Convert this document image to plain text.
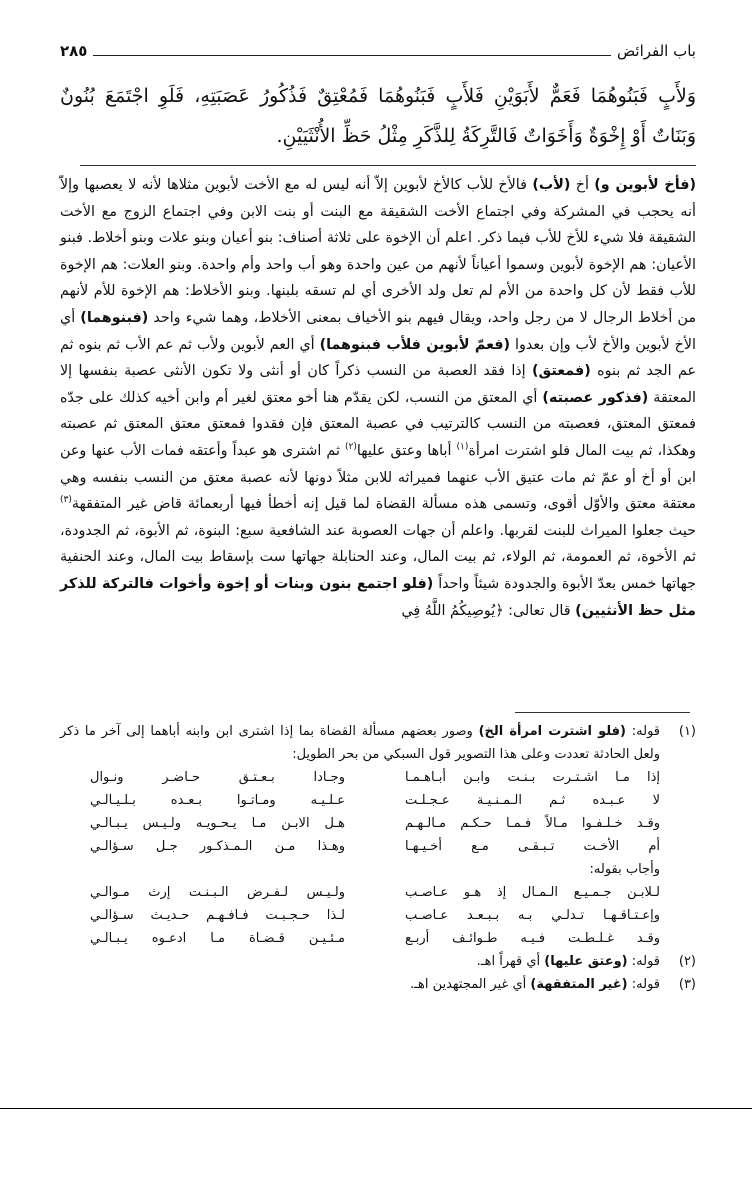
باب الفرائض
٢٨٥
وَلأَبٍ فَبَنُوهُمَا فَعَمٌّ لأَبَوَيْنِ فَلأَبٍ فَبَنُوهُمَا فَمُعْتِقٌ فَذُكُورُ عَصَبَتِهِ، فَلَوِ اجْتَمَعَ بُنُونٌ وَبَنَاتٌ أَوْ إِخْوَةٌ وَأَخَوَاتٌ فَالتَّرِكَةُ لِلذَّكَرِ مِثْلُ حَظِّ الأُنْثَيَيْنِ.
(فأخ لأبوين و) أخ (لأب) فالأخ للأب كالأخ لأبوين إلاّ أنه ليس له مع الأخت لأبوين مثلاها لأنه لا يعصبها وإلاّ أنه يحجب في المشركة وفي اجتماع الأخت الشقيقة مع البنت أو بنت الابن وفي اجتماع الزوج مع الأخت الشقيقة فلا شيء للأخ للأب فيما ذكر. اعلم أن الإخوة على ثلاثة أصناف: بنو أعيان وبنو علات وبنو أخلاط. فبنو الأعيان: هم الإخوة لأبوين وسموا أعياناً لأنهم من عين واحدة وهو أب واحد وأم واحدة. وبنو العلات: هم الإخوة للأب فقط لأن كل واحدة من الأم لم تعل ولد الأخرى أي لم تسقه بلبنها. وبنو الأخلاط: هم الإخوة للأم لأنهم من أخلاط الرجال لا من رجل واحد، ويقال فيهم بنو الأخياف بمعنى الأخلاط، وهما شيء واحد (فبنوهما) أي الأخ لأبوين والأخ لأب وإن بعدوا (فعمّ لأبوين فلأب فبنوهما) أي العم لأبوين ولأب ثم عم الأب ثم بنوه ثم عم الجد ثم بنوه (فمعتق) إذا فقد العصبة من النسب ذكراً كان أو أنثى ولا تكون الأنثى عصبة بنفسها إلا المعتقة (فذكور عصبته) أي المعتق من النسب، لكن يقدّم هنا أخو معتق لغير أم وابن أخيه كذلك على جدّه فمعتق المعتق، فعصبته من النسب كالترتيب في عصبة المعتق فإن فقدوا فمعتق معتق المعتق ثم عصبته وهكذا، ثم بيت المال فلو اشترت امرأة$^{(١)}$ أباها وعتق عليها$^{(٢)}$ ثم اشترى هو عبداً وأعتقه فمات الأب عنها وعن ابن أو أخ أو عمّ ثم مات عتيق الأب عنهما فميراثه للابن مثلاً دونها لأنه عصبة معتق من النسب بنفسه وهي معتقة معتق والأوّل أقوى، وتسمى هذه مسألة القضاة لما قيل إنه أخطأ فيها أربعمائة قاض غير المتفقهة$^{(٣)}$ حيث جعلوا الميراث للبنت لقربها. واعلم أن جهات العصوبة عند الشافعية سبع: البنوة، ثم الأبوة، ثم الجدودة، ثم الأخوة، ثم العمومة، ثم الولاء، ثم بيت المال، وعند الحنابلة جهاتها ست بإسقاط بيت المال، وعند الحنفية جهاتها خمس بعدّ الأبوة والجدودة شيئاً واحداً (فلو اجتمع بنون وبنات أو إخوة وأخوات فالتركة للذكر مثل حظ الأنثيين) قال تعالى: ﴿يُوصِيكُمُ اللَّهُ فِي
(١)
قوله: (فلو اشترت امرأة الخ) وصور بعضهم مسألة القضاة بما إذا اشترى ابن وابنه أباهما إلى آخر ما ذكر ولعل الحادثة تعددت وعلى هذا التصوير قول السبكي من بحر الطويل:
إذا مـا اشـتـرت بـنـت وابـن أبـاهـمـا
وجـادا بـعـتـق حـاضـر ونـوال
لا عـبـده ثـم الـمـنـيـة عـجـلـت
عـلـيـه ومـاتـوا بـعـده بـلـيـالـي
وقـد خـلـفـوا مـالاً فـمـا حـكـم مـالـهـم
هـل الابـن مـا يـحـويـه ولـيـس يـبـالـي
أم الأخـت تـبـقـى مـع أخـيـهـا
وهـذا مـن الـمـذكـور جـل سـؤالـي
وأجاب بقوله:
لـلابـن جـمـيـع الـمـال إذ هـو عـاصـب
ولـيـس لـفـرض الـبـنـت إرث مـوالـي
وإعـتـاقـهـا تـدلـي بـه بـبـعـد عـاصـب
لـذا حـجـبـت فـافـهـم حـديـث سـؤالـي
وقـد غـلـطـت فـيـه طـوائـف أربـع
مـئـيـن قـضـاة مـا ادعـوه يـبـالـي
(٢)
قوله: (وعتق عليها) أي قهراً اهـ.
(٣)
قوله: (غير المتفقهة) أي غير المجتهدين اهـ.
